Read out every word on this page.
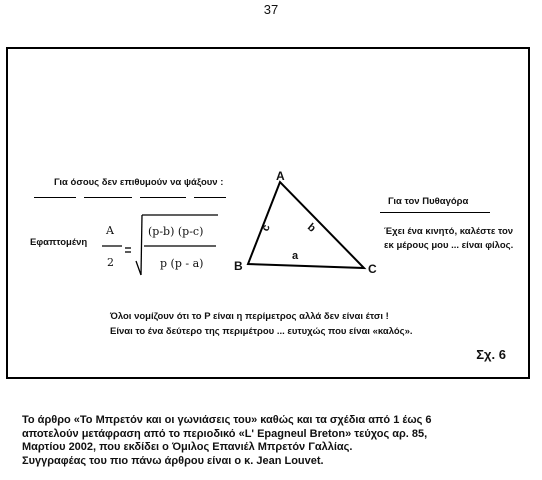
37
Για όσους δεν επιθυμούν να ψάξουν :
Εφαπτομένη
A
2
(p-b) (p-c)
p (p - a)
A
B	C
a
b
c
Για τον Πυθαγόρα
Έχει ένα κινητό, καλέστε τον
εκ μέρους μου ... είναι φίλος.
Όλοι νομίζουν ότι το P είναι η περίμετρος αλλά δεν είναι έτσι !
Είναι το ένα δεύτερο της περιμέτρου ... ευτυχώς που είναι «καλός».
Σχ. 6
Το άρθρο «Το Μπρετόν και οι γωνιάσεις του» καθώς και τα σχέδια από 1 έως 6
αποτελούν μετάφραση από το περιοδικό «L' Epagneul Breton» τεύχος αρ. 85,
Μαρτίου 2002, που εκδίδει ο Όμιλος Επανιέλ Μπρετόν Γαλλίας.
Συγγραφέας του πιο πάνω άρθρου είναι ο κ. Jean Louvet.
